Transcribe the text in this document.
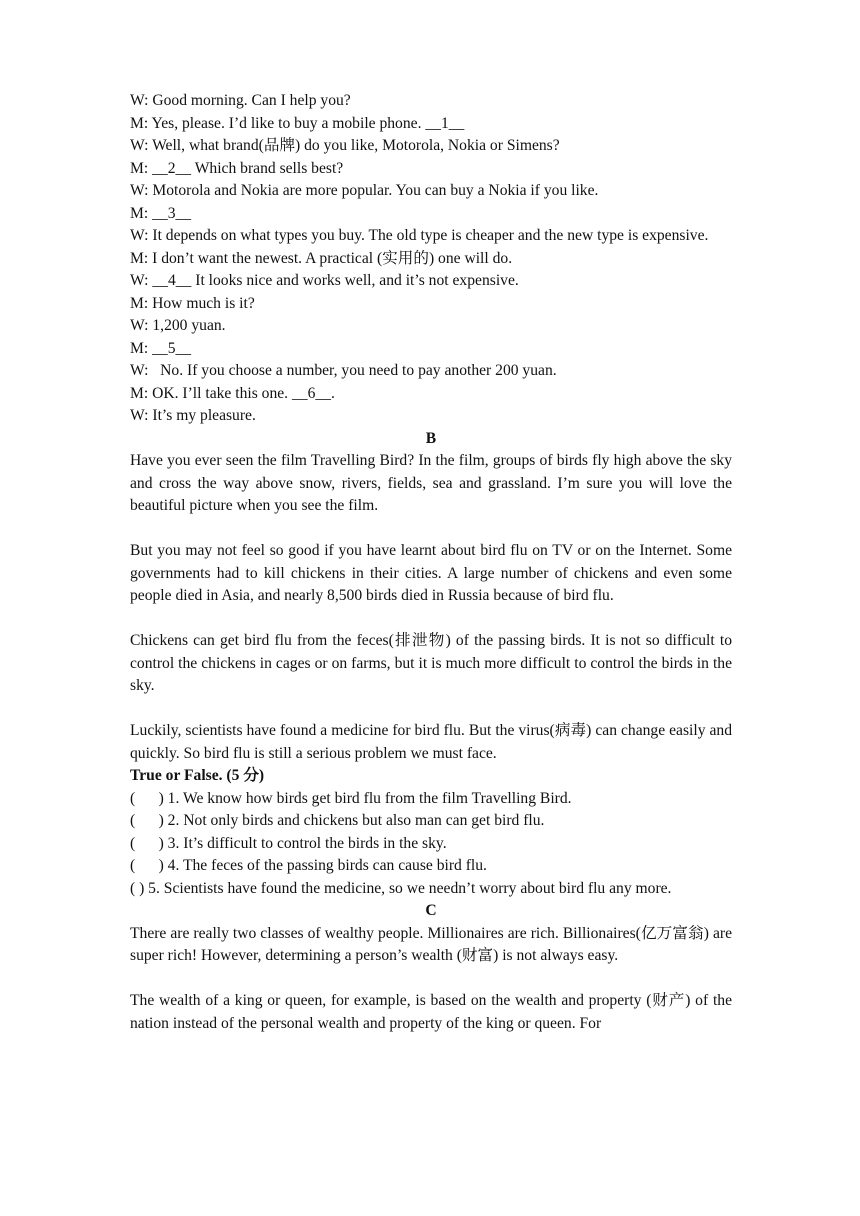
W: Good morning. Can I help you?

M: Yes, please. I’d like to buy a mobile phone. __1__

W: Well, what brand(品牌) do you like, Motorola, Nokia or Simens?

M: __2__ Which brand sells best?

W: Motorola and Nokia are more popular. You can buy a Nokia if you like.

M: __3__

W: It depends on what types you buy. The old type is cheaper and the new type is expensive.

M: I don’t want the newest. A practical (实用的) one will do.

W: __4__ It looks nice and works well, and it’s not expensive.

M: How much is it?

W: 1,200 yuan.

M: __5__

W:   No. If you choose a number, you need to pay another 200 yuan.

M: OK. I’ll take this one. __6__.

W: It’s my pleasure.

B

Have you ever seen the film Travelling Bird? In the film, groups of birds fly high above the sky and cross the way above snow, rivers, fields, sea and grassland. I’m sure you will love the beautiful picture when you see the film.

But you may not feel so good if you have learnt about bird flu on TV or on the Internet. Some governments had to kill chickens in their cities. A large number of chickens and even some people died in Asia, and nearly 8,500 birds died in Russia because of bird flu.

Chickens can get bird flu from the feces(排泄物) of the passing birds. It is not so difficult to control the chickens in cages or on farms, but it is much more difficult to control the birds in the sky.

Luckily, scientists have found a medicine for bird flu. But the virus(病毒) can change easily and quickly. So bird flu is still a serious problem we must face.

True or False. (5 分)

(      ) 1. We know how birds get bird flu from the film Travelling Bird.

(      ) 2. Not only birds and chickens but also man can get bird flu.

(      ) 3. It’s difficult to control the birds in the sky.

(      ) 4. The feces of the passing birds can cause bird flu.

( ) 5. Scientists have found the medicine, so we needn’t worry about bird flu any more.

C

There are really two classes of wealthy people. Millionaires are rich. Billionaires(亿万富翁) are super rich! However, determining a person’s wealth (财富) is not always easy.

The wealth of a king or queen, for example, is based on the wealth and property (财产) of the nation instead of the personal wealth and property of the king or queen. For
